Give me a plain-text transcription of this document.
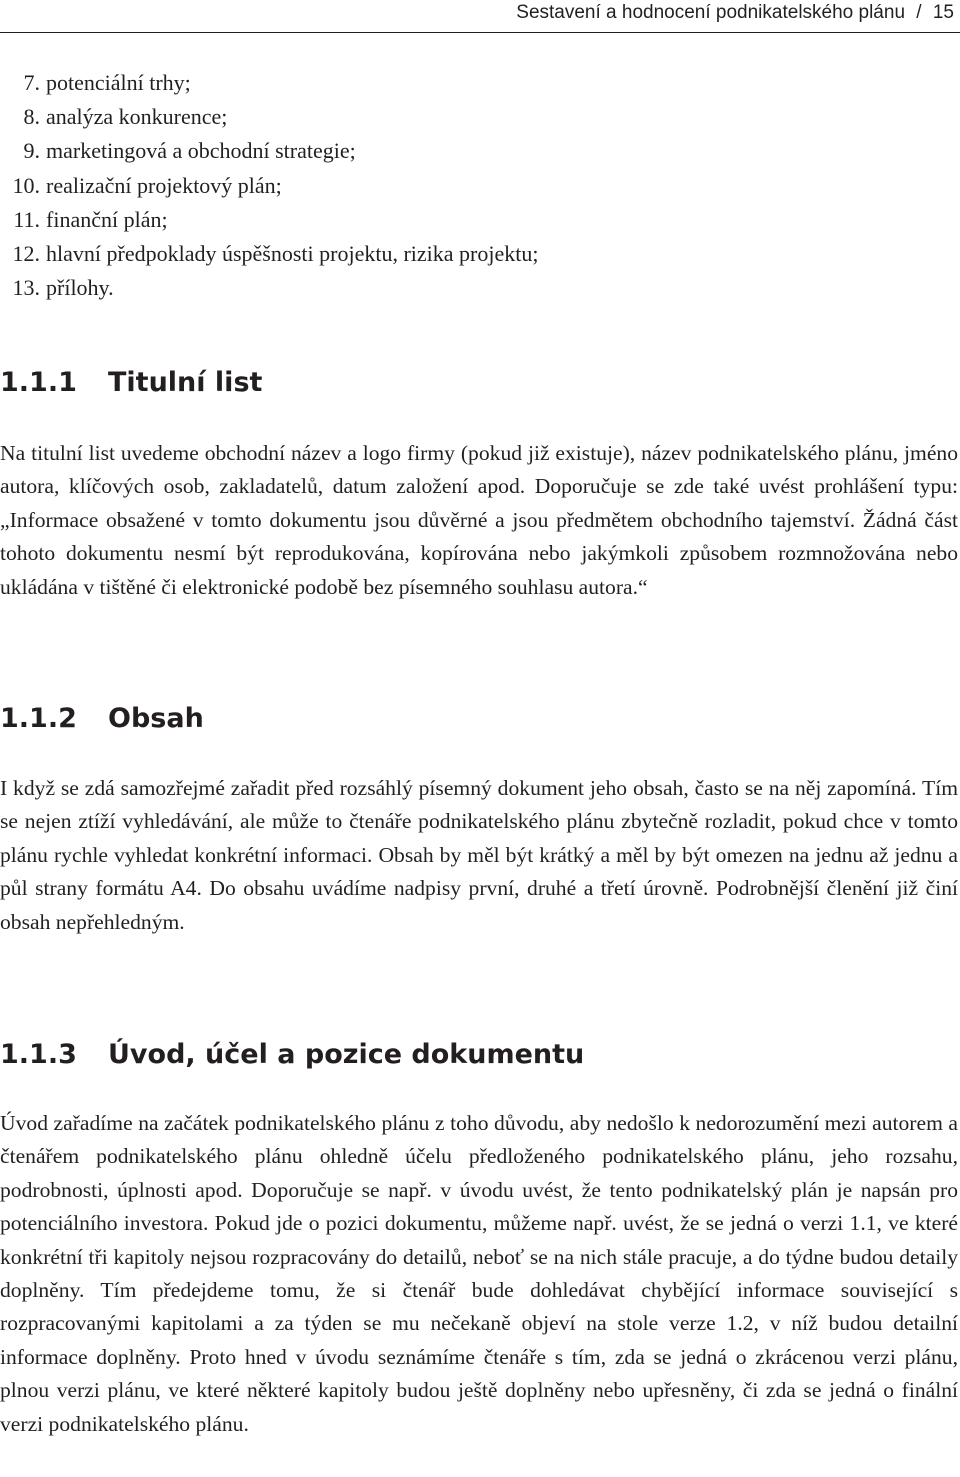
Sestavení a hodnocení podnikatelského plánu / 15
7. potenciální trhy;
8. analýza konkurence;
9. marketingová a obchodní strategie;
10. realizační projektový plán;
11. finanční plán;
12. hlavní předpoklady úspěšnosti projektu, rizika projektu;
13. přílohy.
1.1.1 Titulní list

Na titulní list uvedeme obchodní název a logo firmy (pokud již existuje), název podnikatelského plánu, jméno autora, klíčových osob, zakladatelů, datum založení apod. Doporučuje se zde také uvést prohlášení typu: „Informace obsažené v tomto dokumentu jsou důvěrné a jsou předmětem obchodního tajemství. Žádná část tohoto dokumentu nesmí být reprodukována, kopírována nebo jakýmkoli způsobem rozmnožována nebo ukládána v tištěné či elektronické podobě bez písemného souhlasu autora.“

1.1.2 Obsah

I když se zdá samozřejmé zařadit před rozsáhlý písemný dokument jeho obsah, často se na něj zapomíná. Tím se nejen ztíží vyhledávání, ale může to čtenáře podnikatelského plánu zbytečně rozladit, pokud chce v tomto plánu rychle vyhledat konkrétní informaci. Obsah by měl být krátký a měl by být omezen na jednu až jednu a půl strany formátu A4. Do obsahu uvádíme nadpisy první, druhé a třetí úrovně. Podrobnější členění již činí obsah nepřehledným.

1.1.3 Úvod, účel a pozice dokumentu

Úvod zařadíme na začátek podnikatelského plánu z toho důvodu, aby nedošlo k nedorozumění mezi autorem a čtenářem podnikatelského plánu ohledně účelu předloženého podnikatelského plánu, jeho rozsahu, podrobnosti, úplnosti apod. Doporučuje se např. v úvodu uvést, že tento podnikatelský plán je napsán pro potenciálního investora. Pokud jde o pozici dokumentu, můžeme např. uvést, že se jedná o verzi 1.1, ve které konkrétní tři kapitoly nejsou rozpracovány do detailů, neboť se na nich stále pracuje, a do týdne budou detaily doplněny. Tím předejdeme tomu, že si čtenář bude dohledávat chybějící informace související s rozpracovanými kapitolami a za týden se mu nečekaně objeví na stole verze 1.2, v níž budou detailní informace doplněny. Proto hned v úvodu seznámíme čtenáře s tím, zda se jedná o zkrácenou verzi plánu, plnou verzi plánu, ve které některé kapitoly budou ještě doplněny nebo upřesněny, či zda se jedná o finální verzi podnikatelského plánu.
